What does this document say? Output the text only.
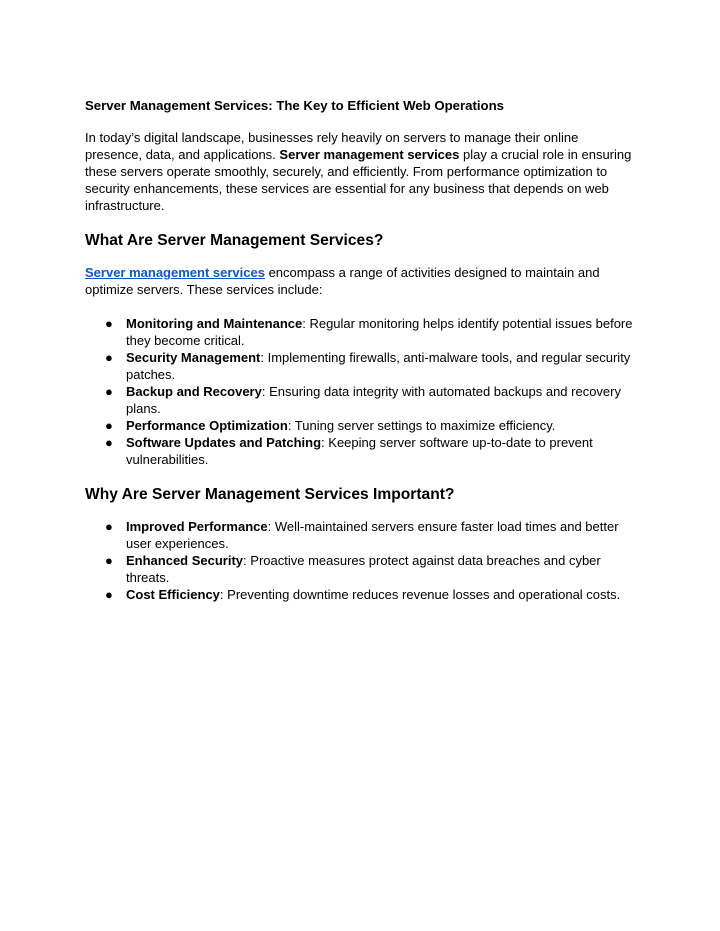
Server Management Services: The Key to Efficient Web Operations

In today’s digital landscape, businesses rely heavily on servers to manage their online presence, data, and applications. Server management services play a crucial role in ensuring these servers operate smoothly, securely, and efficiently. From performance optimization to security enhancements, these services are essential for any business that depends on web infrastructure.

What Are Server Management Services?

Server management services encompass a range of activities designed to maintain and optimize servers. These services include:

● Monitoring and Maintenance: Regular monitoring helps identify potential issues before they become critical.
● Security Management: Implementing firewalls, anti-malware tools, and regular security patches.
● Backup and Recovery: Ensuring data integrity with automated backups and recovery plans.
● Performance Optimization: Tuning server settings to maximize efficiency.
● Software Updates and Patching: Keeping server software up-to-date to prevent vulnerabilities.
Why Are Server Management Services Important?
● Improved Performance: Well-maintained servers ensure faster load times and better user experiences.
● Enhanced Security: Proactive measures protect against data breaches and cyber threats.
● Cost Efficiency: Preventing downtime reduces revenue losses and operational costs.
